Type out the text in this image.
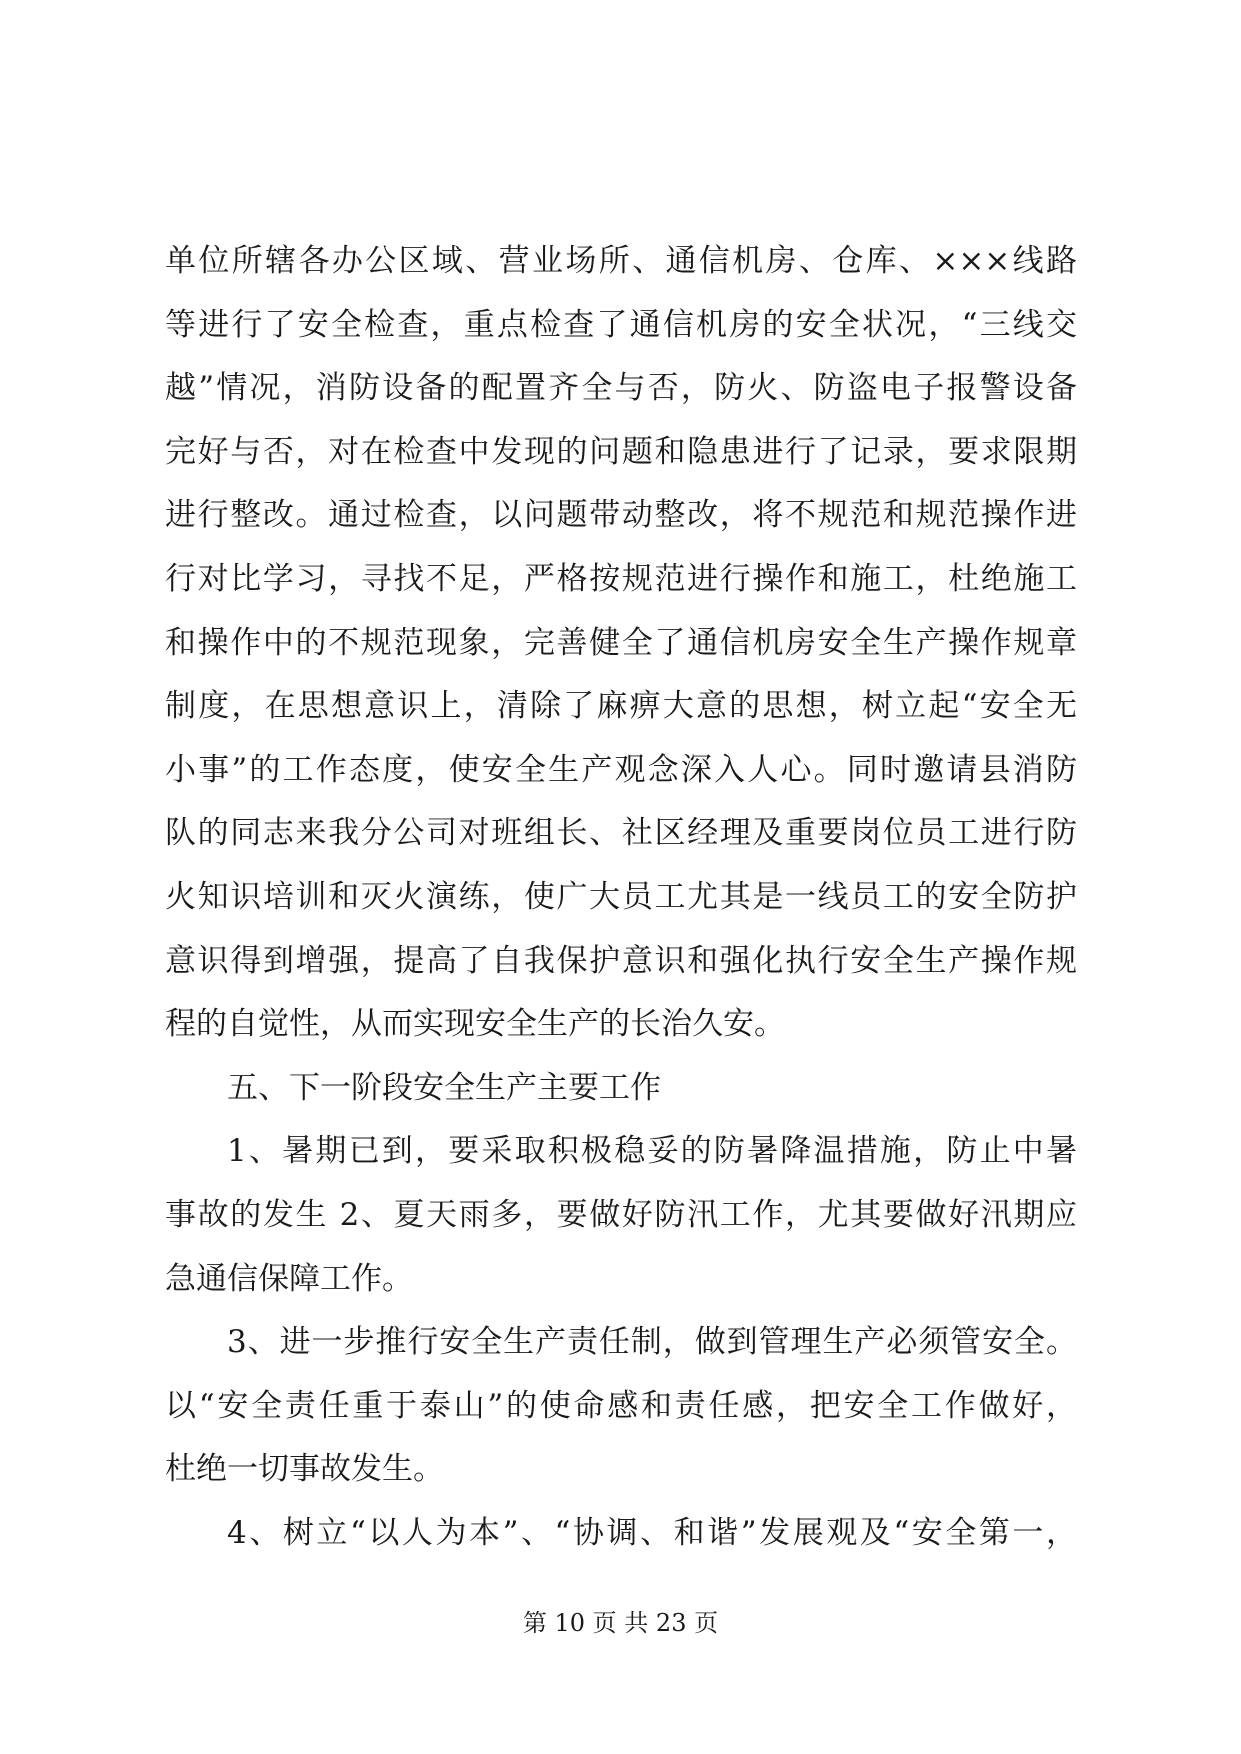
单位所辖各办公区域、营业场所、通信机房、仓库、×××线路
等进行了安全检查，重点检查了通信机房的安全状况，“三线交
越”情况，消防设备的配置齐全与否，防火、防盗电子报警设备
完好与否，对在检查中发现的问题和隐患进行了记录，要求限期
进行整改。通过检查，以问题带动整改，将不规范和规范操作进
行对比学习，寻找不足，严格按规范进行操作和施工，杜绝施工
和操作中的不规范现象，完善健全了通信机房安全生产操作规章
制度，在思想意识上，清除了麻痹大意的思想，树立起“安全无
小事”的工作态度，使安全生产观念深入人心。同时邀请县消防
队的同志来我分公司对班组长、社区经理及重要岗位员工进行防
火知识培训和灭火演练，使广大员工尤其是一线员工的安全防护
意识得到增强，提高了自我保护意识和强化执行安全生产操作规
程的自觉性，从而实现安全生产的长治久安。
五、下一阶段安全生产主要工作
1、暑期已到，要采取积极稳妥的防暑降温措施，防止中暑
事故的发生 2、夏天雨多，要做好防汛工作，尤其要做好汛期应
急通信保障工作。
3、进一步推行安全生产责任制，做到管理生产必须管安全。
以“安全责任重于泰山”的使命感和责任感，把安全工作做好，
杜绝一切事故发生。
4、树立“以人为本”、“协调、和谐”发展观及“安全第一，
第 10 页 共 23 页
